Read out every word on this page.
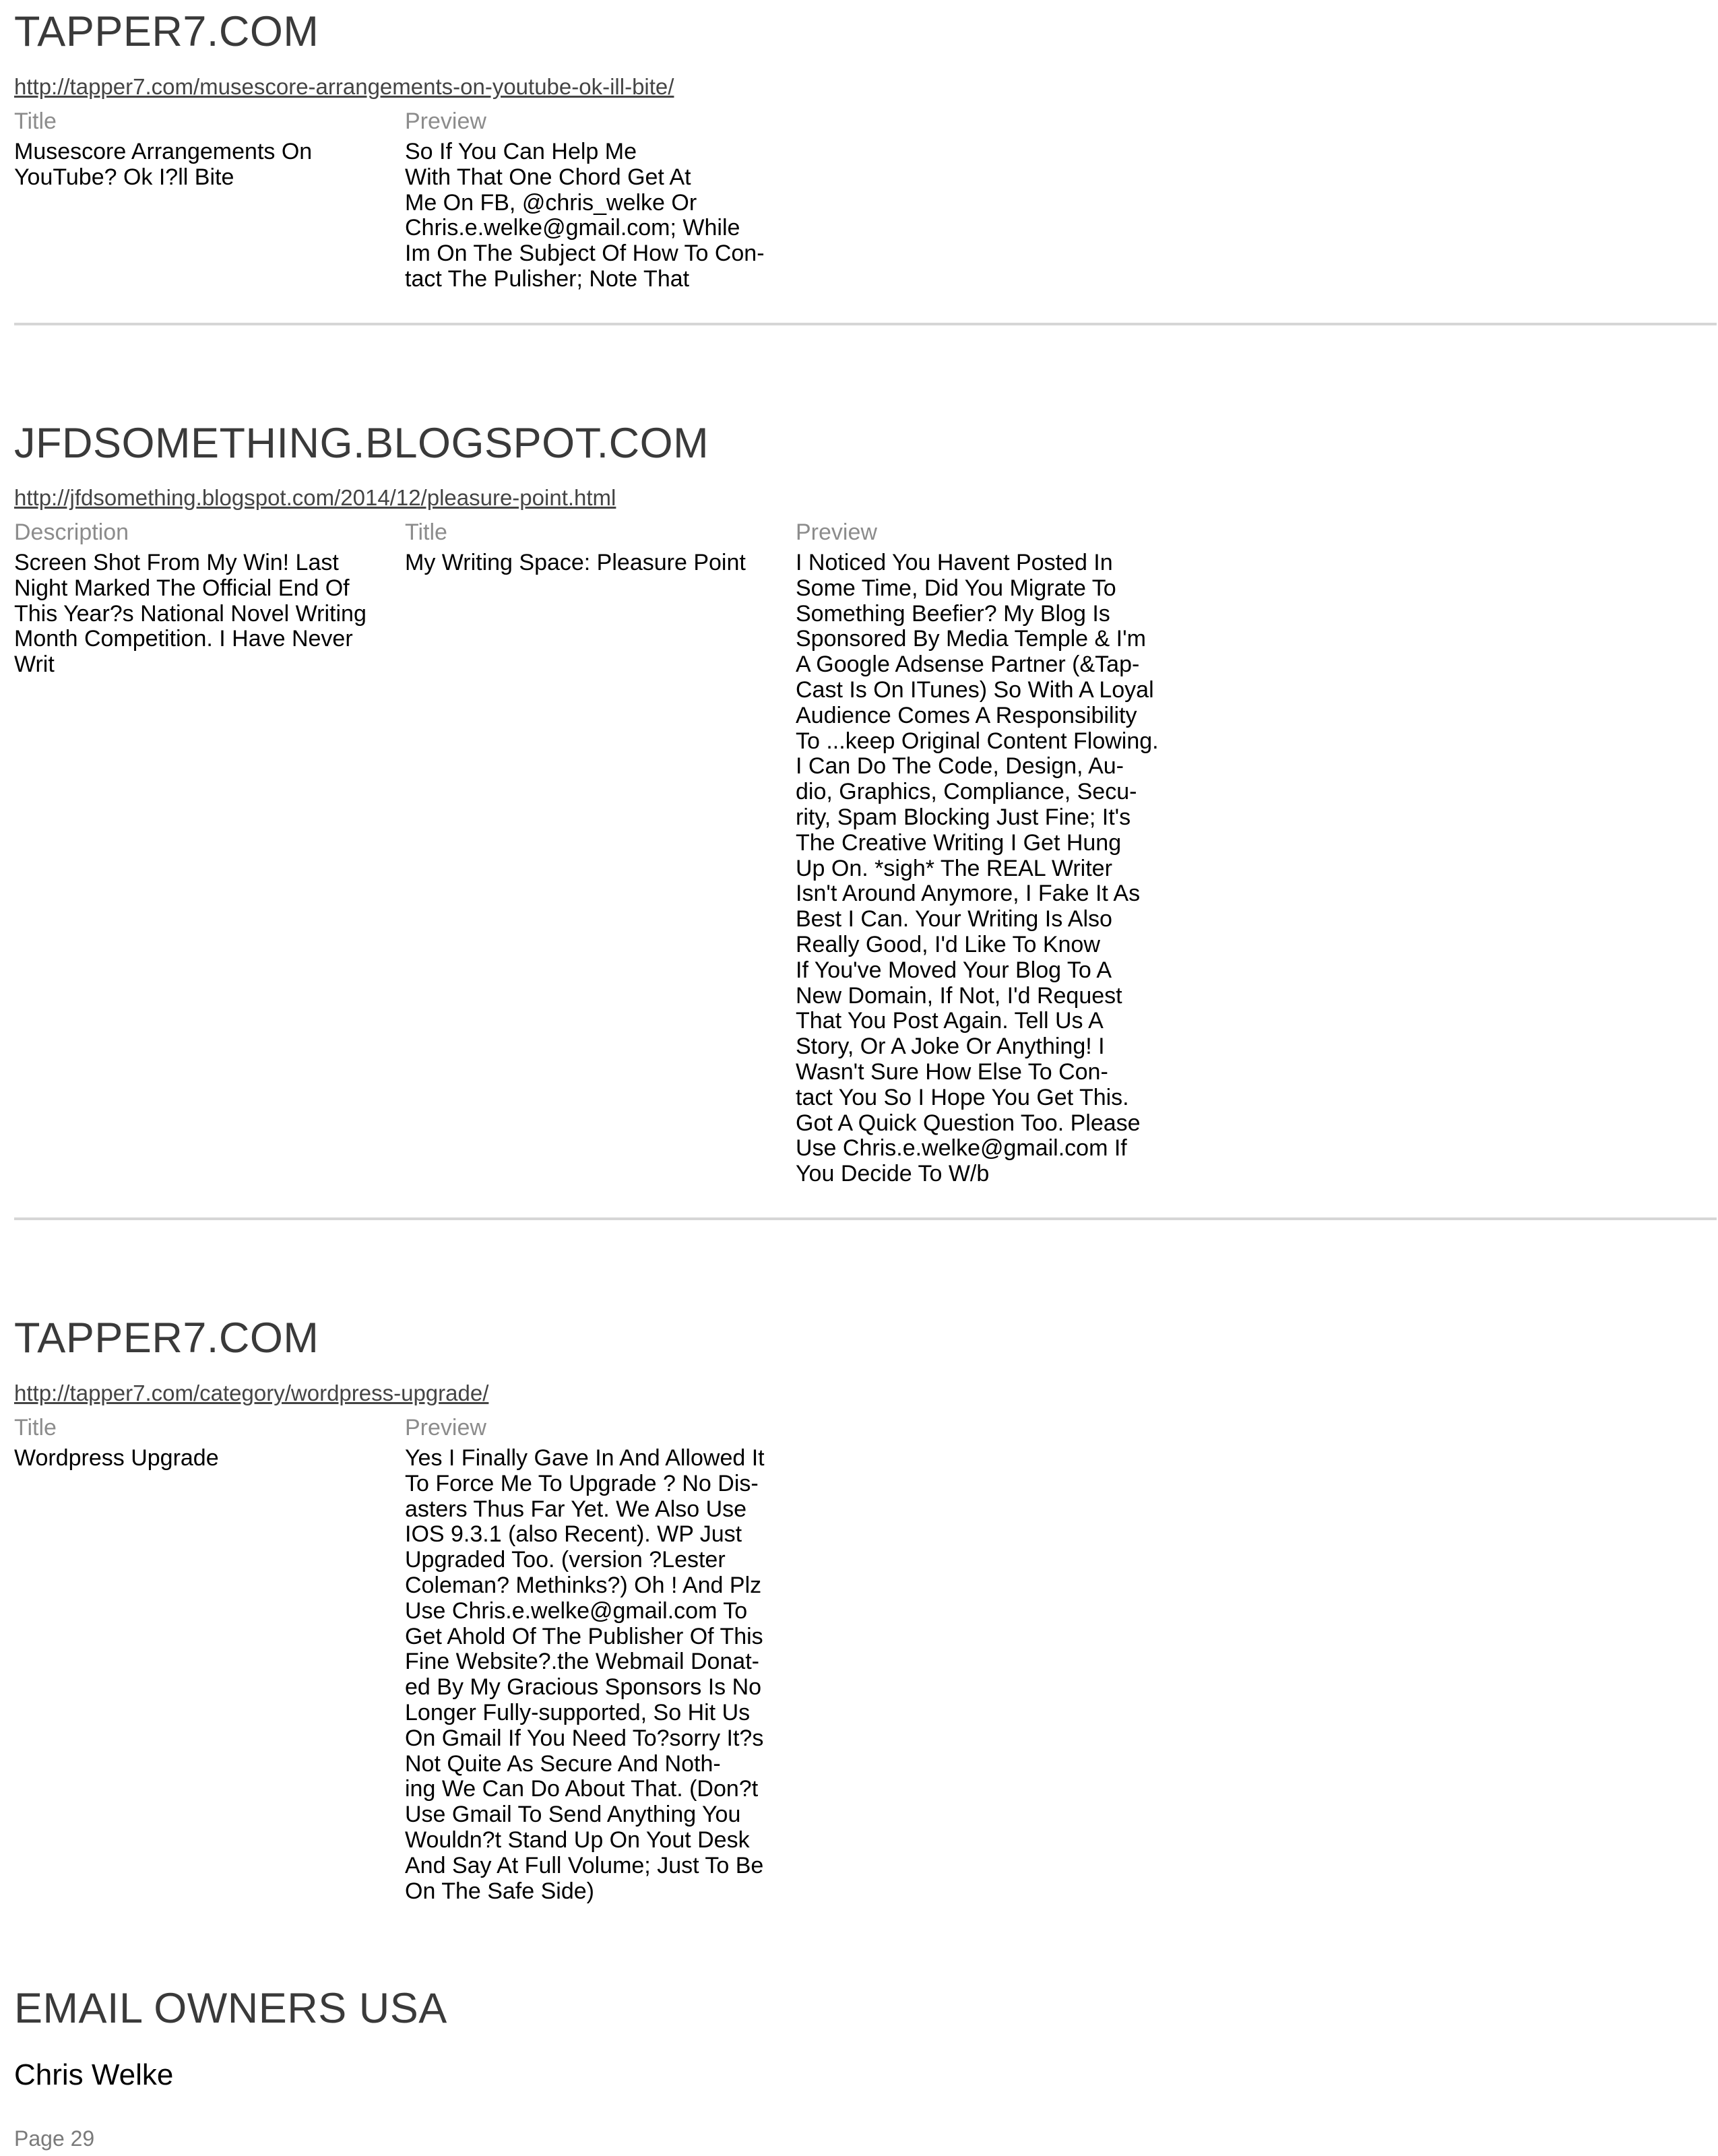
TAPPER7.COM
http://tapper7.com/musescore-arrangements-on-youtube-ok-ill-bite/
Title
Musescore Arrangements On
YouTube? Ok I?ll Bite
Preview
So If You Can Help Me
With That One Chord Get At
Me On FB, @chris_welke Or
Chris.e.welke@gmail.com; While
Im On The Subject Of How To Con-
tact The Pulisher; Note That
JFDSOMETHING.BLOGSPOT.COM
http://jfdsomething.blogspot.com/2014/12/pleasure-point.html
Description
Screen Shot From My Win! Last
Night Marked The Official End Of
This Year?s National Novel Writing
Month Competition. I Have Never
Writ
Title
My Writing Space: Pleasure Point
Preview
I Noticed You Havent Posted In
Some Time, Did You Migrate To
Something Beefier? My Blog Is
Sponsored By Media Temple & I'm
A Google Adsense Partner (&Tap-
Cast Is On ITunes) So With A Loyal
Audience Comes A Responsibility
To ...keep Original Content Flowing.
I Can Do The Code, Design, Au-
dio, Graphics, Compliance, Secu-
rity, Spam Blocking Just Fine; It's
The Creative Writing I Get Hung
Up On. *sigh* The REAL Writer
Isn't Around Anymore, I Fake It As
Best I Can. Your Writing Is Also
Really Good, I'd Like To Know
If You've Moved Your Blog To A
New Domain, If Not, I'd Request
That You Post Again. Tell Us A
Story, Or A Joke Or Anything! I
Wasn't Sure How Else To Con-
tact You So I Hope You Get This.
Got A Quick Question Too. Please
Use Chris.e.welke@gmail.com If
You Decide To W/b
TAPPER7.COM
http://tapper7.com/category/wordpress-upgrade/
Title
Wordpress Upgrade
Preview
Yes I Finally Gave In And Allowed It
To Force Me To Upgrade ? No Dis-
asters Thus Far Yet. We Also Use
IOS 9.3.1 (also Recent). WP Just
Upgraded Too. (version ?Lester
Coleman? Methinks?) Oh ! And Plz
Use Chris.e.welke@gmail.com To
Get Ahold Of The Publisher Of This
Fine Website?.the Webmail Donat-
ed By My Gracious Sponsors Is No
Longer Fully-supported, So Hit Us
On Gmail If You Need To?sorry It?s
Not Quite As Secure And Noth-
ing We Can Do About That. (Don?t
Use Gmail To Send Anything You
Wouldn?t Stand Up On Yout Desk
And Say At Full Volume; Just To Be
On The Safe Side)
EMAIL OWNERS USA
Chris Welke
Page 29
